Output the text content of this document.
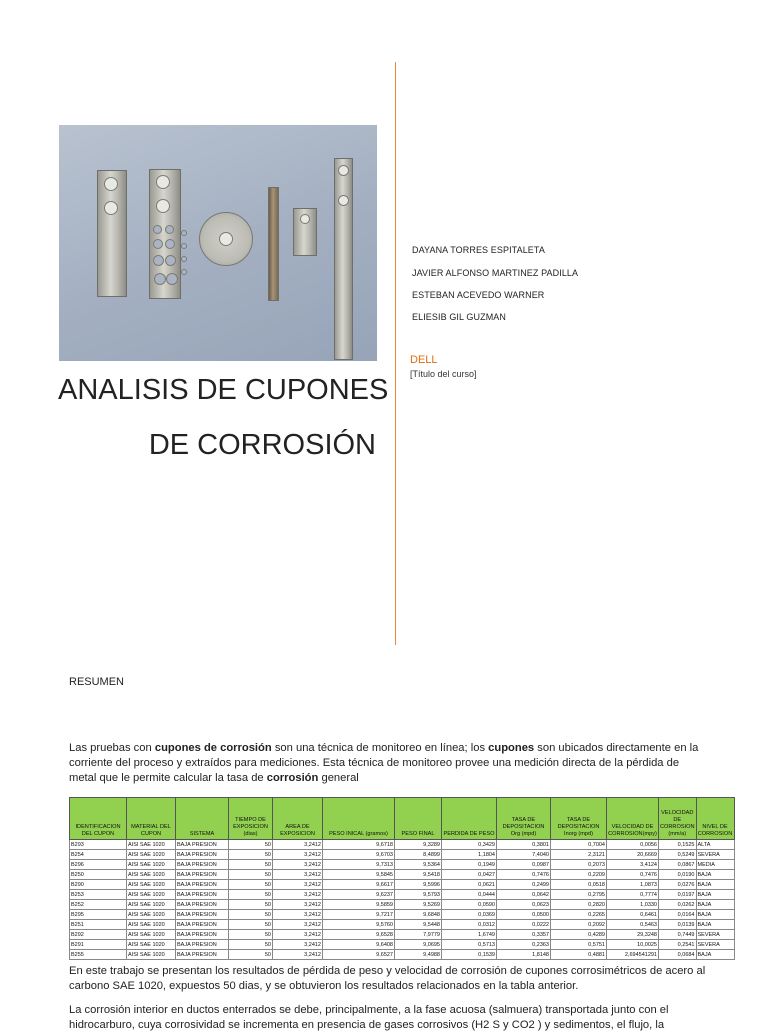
DAYANA TORRES ESPITALETA
JAVIER ALFONSO MARTINEZ PADILLA
ESTEBAN ACEVEDO WARNER
ELIESIB GIL GUZMAN
DELL
[Título del curso]
ANALISIS DE CUPONES
DE CORROSIÓN
RESUMEN
Las pruebas con cupones de corrosión son una técnica de monitoreo en línea; los cupones son ubicados directamente en la corriente del proceso y extraídos para mediciones. Esta técnica de monitoreo provee una medición directa de la pérdida de metal que le permite calcular la tasa de corrosión general
IDENTIFICACION DEL CUPON	MATERIAL DEL CUPON	SISTEMA	TIEMPO DE EXPOSICION (dias)	AREA DE EXPOSICION	PESO INICAL (gramos)	PESO FINAL	PERDIDA DE PESO	TASA DE DEPOSITACION Org (mpd)	TASA DE DEPOSITACION Inorg (mpd)	VELOCIDAD DE CORROSION(mpy)	VELOCIDAD DE CORROSION (mm/a)	NIVEL DE CORROSION
B293	AISI SAE 1020	BAJA PRESION	50	3,2412	9,6718	9,3289	0,3429	0,3801	0,7004	0,0056	0,1525	ALTA
B254	AISI SAE 1020	BAJA PRESION	50	3,2412	9,6703	8,4899	1,1804	7,4040	2,3121	20,6669	0,5249	SEVERA
B296	AISI SAE 1020	BAJA PRESION	50	3,2412	9,7313	9,5364	0,1949	0,0987	0,2073	3,4124	0,0867	MEDIA
B250	AISI SAE 1020	BAJA PRESION	50	3,2412	9,5845	9,5418	0,0427	0,7476	0,2209	0,7476	0,0190	BAJA
B290	AISI SAE 1020	BAJA PRESION	50	3,2412	9,6617	9,5996	0,0621	0,2499	0,0518	1,0873	0,0276	BAJA
B253	AISI SAE 1020	BAJA PRESION	50	3,2412	9,6237	9,5793	0,0444	0,0642	0,2795	0,7774	0,0197	BAJA
B252	AISI SAE 1020	BAJA PRESION	50	3,2412	9,5859	9,5269	0,0590	0,0623	0,2820	1,0330	0,0262	BAJA
B295	AISI SAE 1020	BAJA PRESION	50	3,2412	9,7217	9,6848	0,0369	0,0500	0,2265	0,6461	0,0164	BAJA
B251	AISI SAE 1020	BAJA PRESION	50	3,2412	9,5760	9,5448	0,0312	0,0222	0,2092	0,5463	0,0139	BAJA
B292	AISI SAE 1020	BAJA PRESION	50	3,2412	9,6528	7,9779	1,6749	0,3357	0,4289	29,3248	0,7449	SEVERA
B291	AISI SAE 1020	BAJA PRESION	50	3,2412	9,6408	9,0695	0,5713	0,2363	0,5751	10,0025	0,2541	SEVERA
B255	AISI SAE 1020	BAJA PRESION	50	3,2412	9,6527	9,4988	0,1539	1,8148	0,4881	2,694541291	0,0684	BAJA
En este trabajo se presentan los resultados de pérdida de peso y velocidad de corrosión de cupones corrosimétricos de acero al carbono SAE 1020, expuestos 50 dias, y se obtuvieron los resultados relacionados en la tabla anterior.
La corrosión interior en ductos enterrados se debe, principalmente, a la fase acuosa (salmuera) transportada junto con el hidrocarburo, cuya corrosividad se incrementa en presencia de gases corrosivos (H2 S y CO2 ) y sedimentos, el flujo, la
